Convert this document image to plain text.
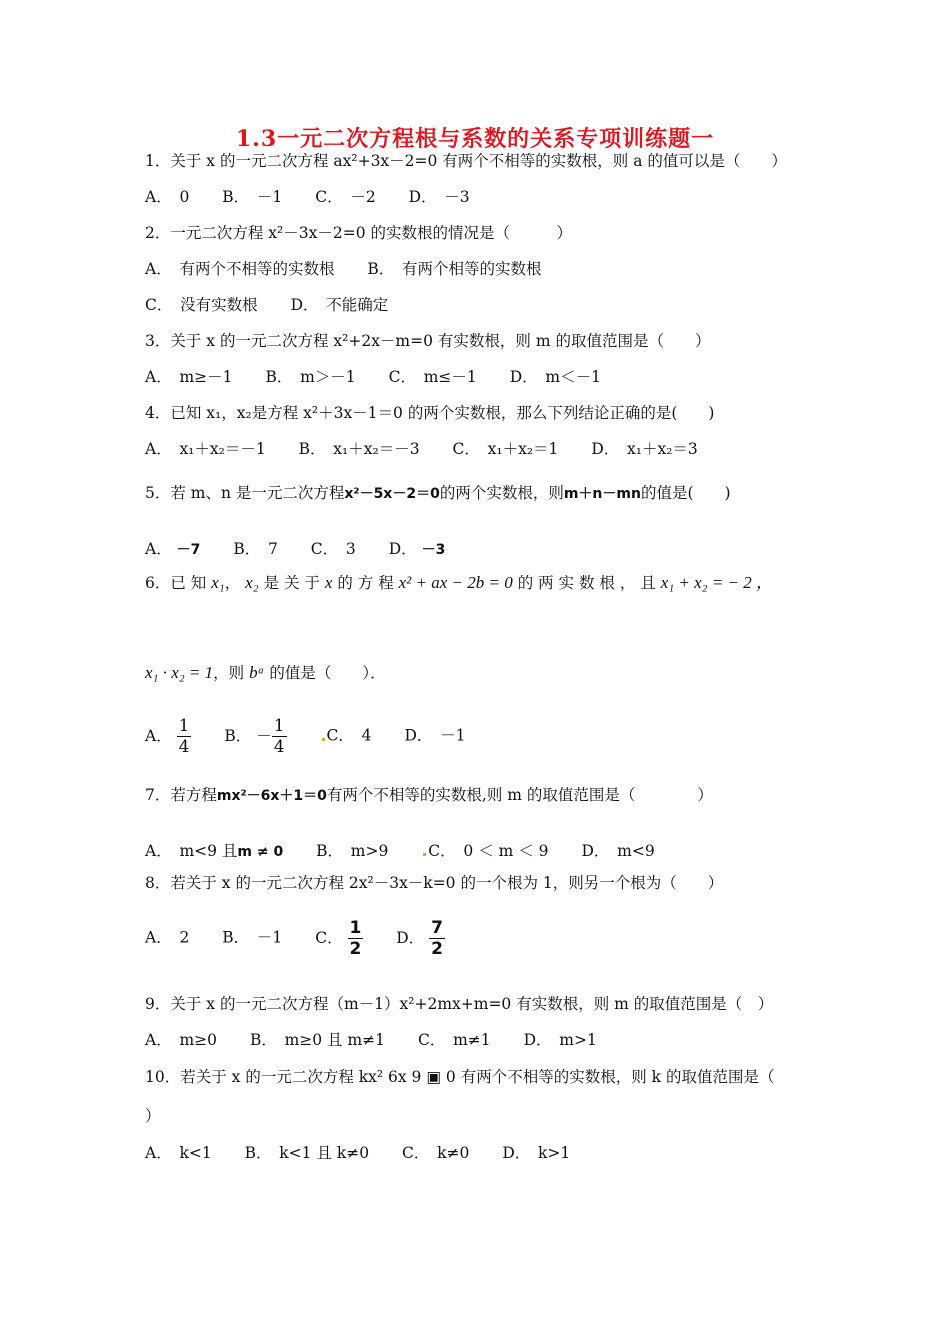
1.3一元二次方程根与系数的关系专项训练题一
1．关于 x 的一元二次方程 ax²+3x－2=0 有两个不相等的实数根，则 a 的值可以是（　　）
A．　0 B．　－1 C．　－2 D．　－3
2．一元二次方程 x²－3x－2=0 的实数根的情况是（　　　）
A．　有两个不相等的实数根 B．　有两个相等的实数根
C．　没有实数根 D．　不能确定
3．关于 x 的一元二次方程 x²+2x－m=0 有实数根，则 m 的取值范围是（　　）
A．　m≥－1 B．　m＞－1 C．　m≤－1 D．　m＜－1
4．已知 x₁，x₂是方程 x²＋3x－1＝0 的两个实数根，那么下列结论正确的是(　　)
A．　x₁＋x₂＝－1 B．　x₁＋x₂＝－3 C．　x₁＋x₂＝1 D．　x₁＋x₂＝3
5．若 m、n 是一元二次方程x²－5x－2＝0的两个实数根，则m＋n－mn的值是(　　)
A． －7 B．　7 C．　3 D． －3
6．已 知 x₁， x₂ 是 关 于 x 的 方 程 x² + ax − 2b = 0 的 两 实 数 根 ， 且 x₁ + x₂ = − 2 ，
x₁ · x₂ = 1，则 bᵃ 的值是（　　）．
A． $\frac{1}{4}$ B． － $\frac{1}{4}$	C．　4 D．　－1
7．若方程mx²－6x＋1＝0有两个不相等的实数根,则 m 的取值范围是（　　　　）
A．　m<9 且m ≠ 0 B．　m>9	C．　0 ＜ m ＜ 9 D．　m<9
8．若关于 x 的一元二次方程 2x²－3x－k=0 的一个根为 1，则另一个根为（　　）
A．　2 B．　－1 C． $\frac{1}{2}$ D． $\frac{7}{2}$
9．关于 x 的一元二次方程（m－1）x²+2mx+m=0 有实数根，则 m 的取值范围是（　）
A．　m≥0 B．　m≥0 且 m≠1 C．　m≠1 D．　m>1
10．若关于 x 的一元二次方程 kx² 6x 9 ▣ 0 有两个不相等的实数根，则 k 的取值范围是（
）
A．　k<1 B．　k<1 且 k≠0 C．　k≠0 D．　k>1
